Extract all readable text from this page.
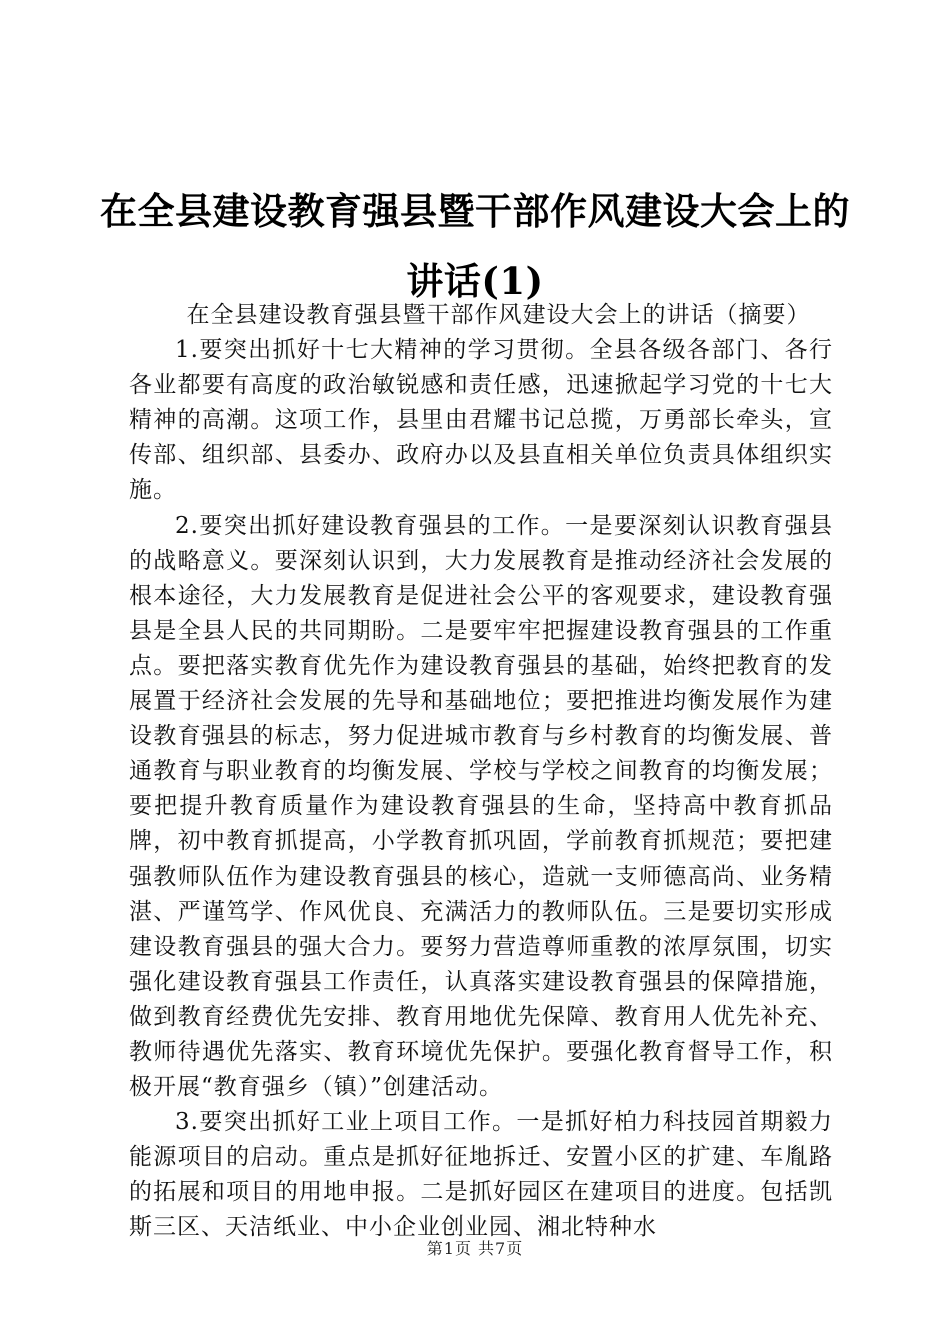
在全县建设教育强县暨干部作风建设大会上的
讲话(1)

在全县建设教育强县暨干部作风建设大会上的讲话（摘要）

1.要突出抓好十七大精神的学习贯彻。全县各级各部门、各行各业都要有高度的政治敏锐感和责任感，迅速掀起学习党的十七大精神的高潮。这项工作，县里由君耀书记总揽，万勇部长牵头，宣传部、组织部、县委办、政府办以及县直相关单位负责具体组织实施。

2.要突出抓好建设教育强县的工作。一是要深刻认识教育强县的战略意义。要深刻认识到，大力发展教育是推动经济社会发展的根本途径，大力发展教育是促进社会公平的客观要求，建设教育强县是全县人民的共同期盼。二是要牢牢把握建设教育强县的工作重点。要把落实教育优先作为建设教育强县的基础，始终把教育的发展置于经济社会发展的先导和基础地位；要把推进均衡发展作为建设教育强县的标志，努力促进城市教育与乡村教育的均衡发展、普通教育与职业教育的均衡发展、学校与学校之间教育的均衡发展；要把提升教育质量作为建设教育强县的生命，坚持高中教育抓品牌，初中教育抓提高，小学教育抓巩固，学前教育抓规范；要把建强教师队伍作为建设教育强县的核心，造就一支师德高尚、业务精湛、严谨笃学、作风优良、充满活力的教师队伍。三是要切实形成建设教育强县的强大合力。要努力营造尊师重教的浓厚氛围，切实强化建设教育强县工作责任，认真落实建设教育强县的保障措施，做到教育经费优先安排、教育用地优先保障、教育用人优先补充、教师待遇优先落实、教育环境优先保护。要强化教育督导工作，积极开展“教育强乡（镇）”创建活动。

3.要突出抓好工业上项目工作。一是抓好柏力科技园首期毅力能源项目的启动。重点是抓好征地拆迁、安置小区的扩建、车胤路的拓展和项目的用地申报。二是抓好园区在建项目的进度。包括凯斯三区、天洁纸业、中小企业创业园、湘北特种水

第1页 共7页
